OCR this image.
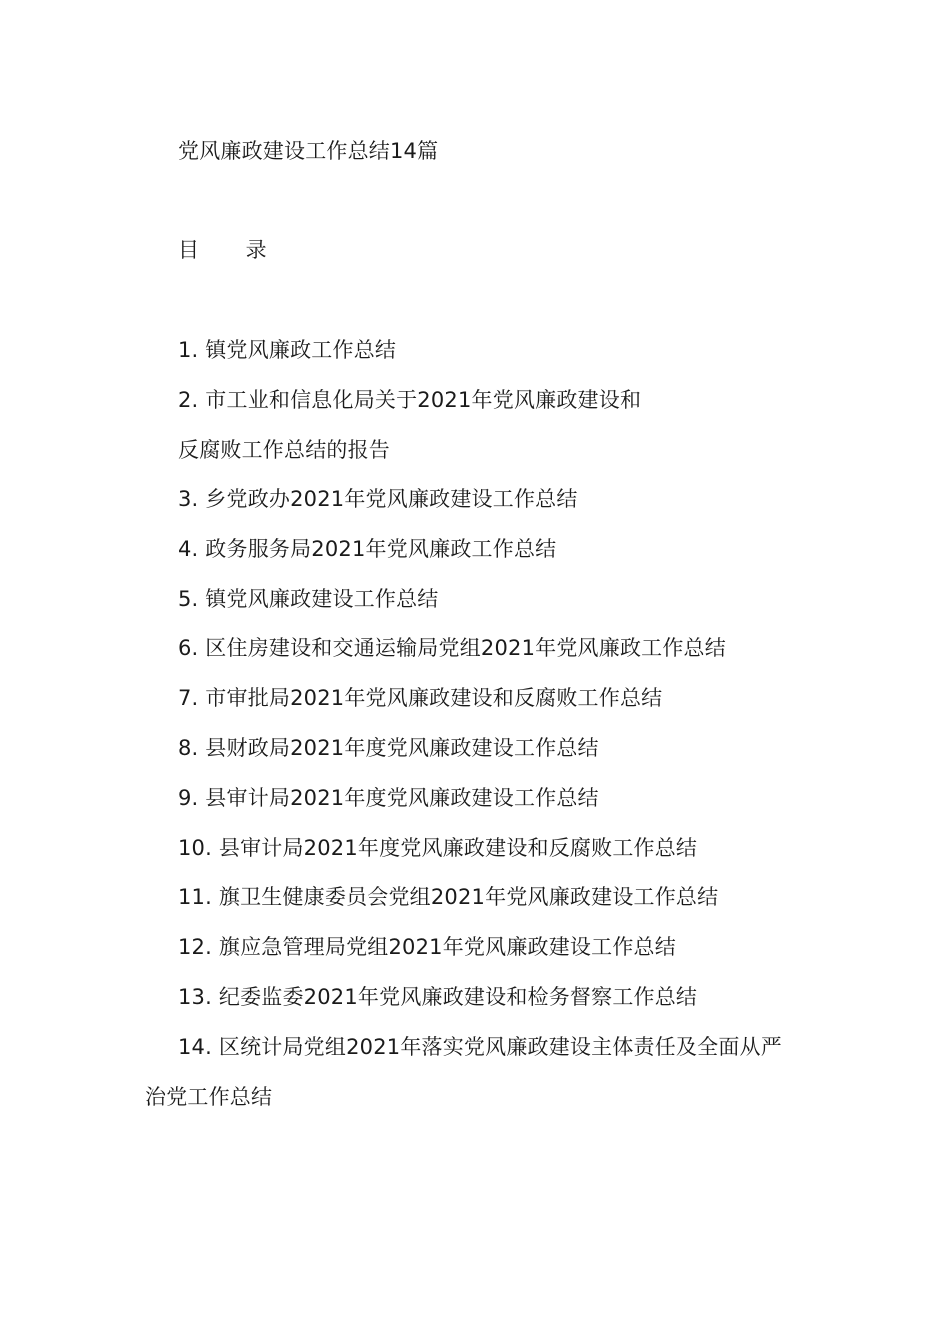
党风廉政建设工作总结14篇
目 录
1. 镇党风廉政工作总结
2. 市工业和信息化局关于2021年党风廉政建设和
反腐败工作总结的报告
3. 乡党政办2021年党风廉政建设工作总结
4. 政务服务局2021年党风廉政工作总结
5. 镇党风廉政建设工作总结
6. 区住房建设和交通运输局党组2021年党风廉政工作总结
7. 市审批局2021年党风廉政建设和反腐败工作总结
8. 县财政局2021年度党风廉政建设工作总结
9. 县审计局2021年度党风廉政建设工作总结
10. 县审计局2021年度党风廉政建设和反腐败工作总结
11. 旗卫生健康委员会党组2021年党风廉政建设工作总结
12. 旗应急管理局党组2021年党风廉政建设工作总结
13. 纪委监委2021年党风廉政建设和检务督察工作总结
14. 区统计局党组2021年落实党风廉政建设主体责任及全面从严
治党工作总结
